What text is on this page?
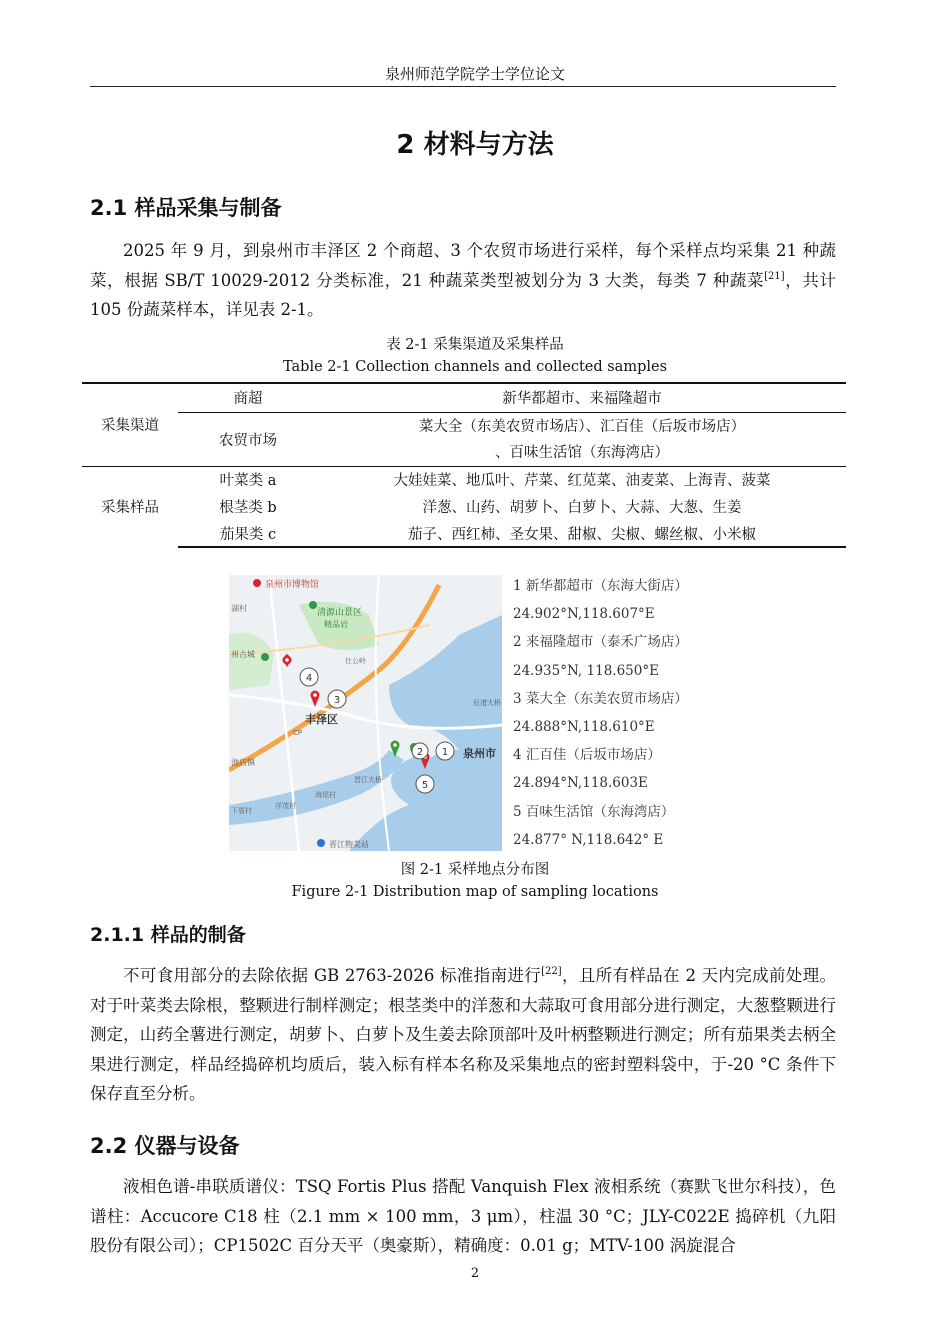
泉州师范学院学士学位论文
2 材料与方法
2.1 样品采集与制备

2025 年 9 月，到泉州市丰泽区 2 个商超、3 个农贸市场进行采样，每个采样点均采集 21 种蔬菜，根据 SB/T 10029-2012 分类标准，21 种蔬菜类型被划分为 3 大类，每类 7 种蔬菜[21]，共计 105 份蔬菜样本，详见表 2-1。

表 2-1 采集渠道及采集样品
Table 2-1 Collection channels and collected samples
采集渠道	商超	新华都超市、来福隆超市
	农贸市场	菜大全（东美农贸市场店）、汇百佳（后坂市场店）
		、百味生活馆（东海湾店）
采集样品	叶菜类 a	大娃娃菜、地瓜叶、芹菜、红苋菜、油麦菜、上海青、菠菜
	根茎类 b	洋葱、山药、胡萝卜、白萝卜、大蒜、大葱、生姜
	茄果类 c	茄子、西红柿、圣女果、甜椒、尖椒、螺丝椒、小米椒
泉州市博物馆
清源山景区
精品岩
湖村
州古城
仕公岭
丰泽区
泉州市
后渚大桥
晋江大桥
晋江物美站
池店镇
海尾村
下厝村
洋茂村
CP
1
2
3
4
5
1 新华都超市（东海大街店）
24.902°N,118.607°E
2 来福隆超市（泰禾广场店）
24.935°N, 118.650°E
3 菜大全（东美农贸市场店）
24.888°N,118.610°E
4 汇百佳（后坂市场店）
24.894°N,118.603E
5 百味生活馆（东海湾店）
24.877° N,118.642° E
图 2-1 采样地点分布图
Figure 2-1 Distribution map of sampling locations
2.1.1 样品的制备

不可食用部分的去除依据 GB 2763-2026 标准指南进行[22]，且所有样品在 2 天内完成前处理。对于叶菜类去除根，整颗进行制样测定；根茎类中的洋葱和大蒜取可食用部分进行测定，大葱整颗进行测定，山药全薯进行测定，胡萝卜、白萝卜及生姜去除顶部叶及叶柄整颗进行测定；所有茄果类去柄全果进行测定，样品经捣碎机均质后，装入标有样本名称及采集地点的密封塑料袋中，于-20 °C 条件下保存直至分析。

2.2 仪器与设备

液相色谱-串联质谱仪：TSQ Fortis Plus 搭配 Vanquish Flex 液相系统（赛默飞世尔科技），色谱柱：Accucore C18 柱（2.1 mm × 100 mm，3 μm），柱温 30 °C；JLY-C022E 捣碎机（九阳股份有限公司）；CP1502C 百分天平（奥豪斯），精确度：0.01 g；MTV-100 涡旋混合

2
